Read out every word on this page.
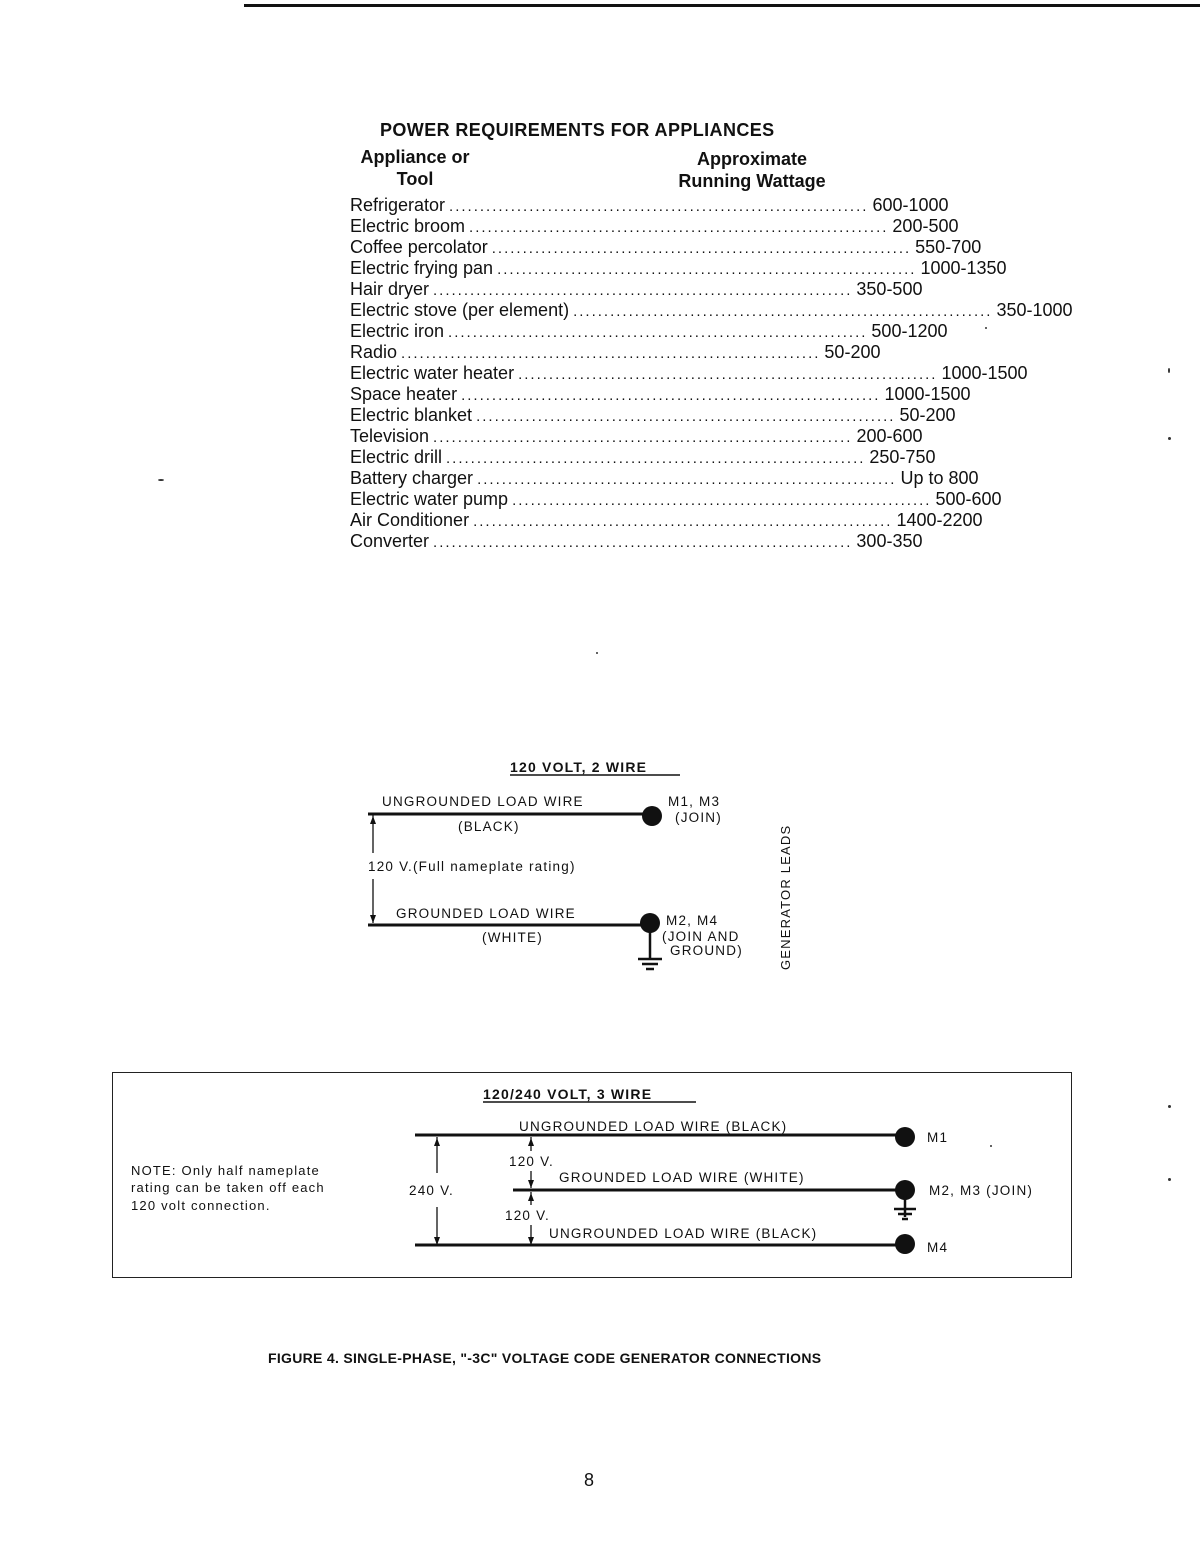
POWER REQUIREMENTS FOR APPLIANCES
Appliance or
Tool
Approximate
Running Wattage
Refrigerator .................................................................... 600-1000
Electric broom .................................................................... 200-500
Coffee percolator .................................................................... 550-700
Electric frying pan .................................................................... 1000-1350
Hair dryer .................................................................... 350-500
Electric stove (per element) .................................................................... 350-1000
Electric iron .................................................................... 500-1200
Radio .................................................................... 50-200
Electric water heater .................................................................... 1000-1500
Space heater .................................................................... 1000-1500
Electric blanket .................................................................... 50-200
Television .................................................................... 200-600
Electric drill .................................................................... 250-750
Battery charger .................................................................... Up to 800
Electric water pump .................................................................... 500-600
Air Conditioner .................................................................... 1400-2200
Converter .................................................................... 300-350
120 VOLT, 2 WIRE
UNGROUNDED LOAD WIRE
(BLACK)
M1, M3
(JOIN)
120 V.(Full nameplate rating)
GROUNDED LOAD WIRE
(WHITE)
M2, M4
(JOIN AND
GROUND)	GENERATOR LEADS
120/240 VOLT, 3 WIRE
NOTE: Only half nameplate
rating can be taken off each
120 volt connection.
UNGROUNDED LOAD WIRE (BLACK)
M1
240 V.
120 V.
GROUNDED LOAD WIRE (WHITE)
M2, M3 (JOIN)
120 V.
UNGROUNDED LOAD WIRE (BLACK)
M4
FIGURE 4. SINGLE-PHASE, "-3C" VOLTAGE CODE GENERATOR CONNECTIONS
8
